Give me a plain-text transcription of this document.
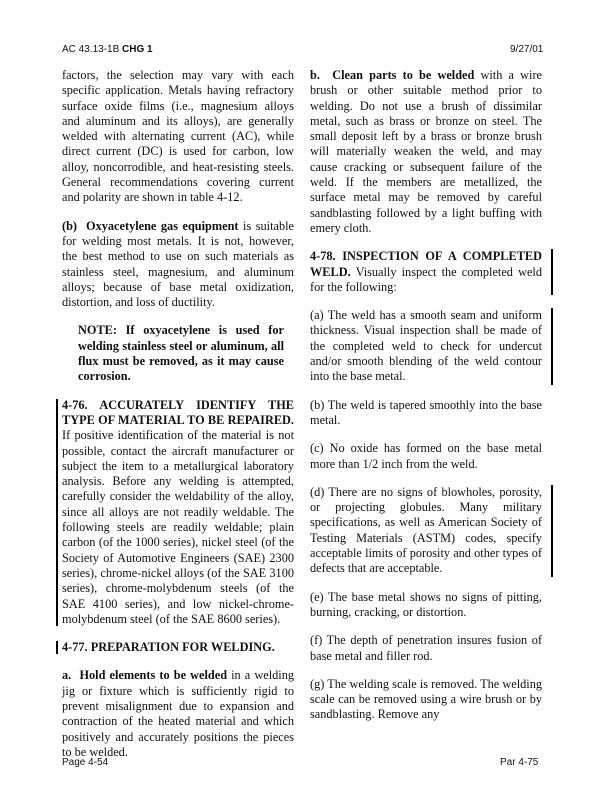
AC 43.13-1B CHG 1	9/27/01

factors, the selection may vary with each specific application. Metals having refractory surface oxide films (i.e., magnesium alloys and aluminum and its alloys), are generally welded with alternating current (AC), while direct current (DC) is used for carbon, low alloy, noncorrodible, and heat-resisting steels. General recommendations covering current and polarity are shown in table 4-12.

(b) Oxyacetylene gas equipment is suitable for welding most metals. It is not, however, the best method to use on such materials as stainless steel, magnesium, and aluminum alloys; because of base metal oxidization, distortion, and loss of ductility.

NOTE: If oxyacetylene is used for welding stainless steel or aluminum, all flux must be removed, as it may cause corrosion.

4-76. ACCURATELY IDENTIFY THE TYPE OF MATERIAL TO BE REPAIRED. If positive identification of the material is not possible, contact the aircraft manufacturer or subject the item to a metallurgical laboratory analysis. Before any welding is attempted, carefully consider the weldability of the alloy, since all alloys are not readily weldable. The following steels are readily weldable; plain carbon (of the 1000 series), nickel steel (of the Society of Automotive Engineers (SAE) 2300 series), chrome-nickel alloys (of the SAE 3100 series), chrome-molybdenum steels (of the SAE 4100 series), and low nickel-chrome-molybdenum steel (of the SAE 8600 series).

4-77. PREPARATION FOR WELDING.

a. Hold elements to be welded in a welding jig or fixture which is sufficiently rigid to prevent misalignment due to expansion and contraction of the heated material and which positively and accurately positions the pieces to be welded.

b. Clean parts to be welded with a wire brush or other suitable method prior to welding. Do not use a brush of dissimilar metal, such as brass or bronze on steel. The small deposit left by a brass or bronze brush will materially weaken the weld, and may cause cracking or subsequent failure of the weld. If the members are metallized, the surface metal may be removed by careful sandblasting followed by a light buffing with emery cloth.

4-78. INSPECTION OF A COMPLETED WELD. Visually inspect the completed weld for the following:

(a) The weld has a smooth seam and uniform thickness. Visual inspection shall be made of the completed weld to check for undercut and/or smooth blending of the weld contour into the base metal.

(b) The weld is tapered smoothly into the base metal.

(c) No oxide has formed on the base metal more than 1/2 inch from the weld.

(d) There are no signs of blowholes, porosity, or projecting globules. Many military specifications, as well as American Society of Testing Materials (ASTM) codes, specify acceptable limits of porosity and other types of defects that are acceptable.

(e) The base metal shows no signs of pitting, burning, cracking, or distortion.

(f) The depth of penetration insures fusion of base metal and filler rod.

(g) The welding scale is removed. The welding scale can be removed using a wire brush or by sandblasting. Remove any

Page 4-54	Par 4-75
